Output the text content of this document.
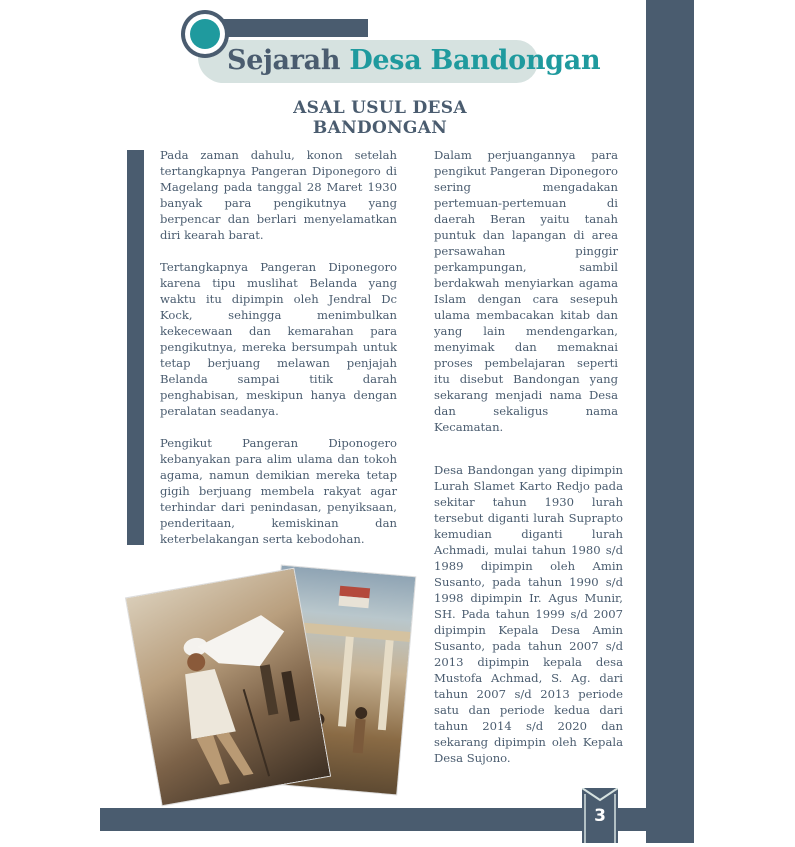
Sejarah Desa Bandongan
ASAL USUL DESA BANDONGAN

Pada zaman dahulu, konon setelah tertangkapnya Pangeran Diponegoro di Magelang pada tanggal 28 Maret 1930 banyak para pengikutnya yang berpencar dan berlari menyelamatkan diri kearah barat.

Tertangkapnya Pangeran Diponegoro karena tipu muslihat Belanda yang waktu itu dipimpin oleh Jendral Dc Kock, sehingga menimbulkan kekecewaan dan kemarahan para pengikutnya, mereka bersumpah untuk tetap berjuang melawan penjajah Belanda sampai titik darah penghabisan, meskipun hanya dengan peralatan seadanya.

Pengikut Pangeran Diponogero kebanyakan para alim ulama dan tokoh agama, namun demikian mereka tetap gigih berjuang membela rakyat agar terhindar dari penindasan, penyiksaan, penderitaan, kemiskinan dan keterbelakangan serta kebodohan.

Dalam perjuangannya para pengikut Pangeran Diponegoro sering mengadakan pertemuan-pertemuan di daerah Beran yaitu tanah puntuk dan lapangan di area persawahan pinggir perkampungan, sambil berdakwah menyiarkan agama Islam dengan cara sesepuh ulama membacakan kitab dan yang lain mendengarkan, menyimak dan memaknai proses pembelajaran seperti itu disebut Bandongan yang sekarang menjadi nama Desa dan sekaligus nama Kecamatan.

Desa Bandongan yang dipimpin Lurah Slamet Karto Redjo pada sekitar tahun 1930 lurah tersebut diganti lurah Suprapto kemudian diganti lurah Achmadi, mulai tahun 1980 s/d 1989 dipimpin oleh Amin Susanto, pada tahun 1990 s/d 1998 dipimpin Ir. Agus Munir, SH. Pada tahun 1999 s/d 2007 dipimpin Kepala Desa Amin Susanto, pada tahun 2007 s/d 2013 dipimpin kepala desa Mustofa Achmad, S. Ag. dari tahun 2007 s/d 2013 periode satu dan periode kedua dari tahun 2014 s/d 2020 dan sekarang dipimpin oleh Kepala Desa Sujono.

3
